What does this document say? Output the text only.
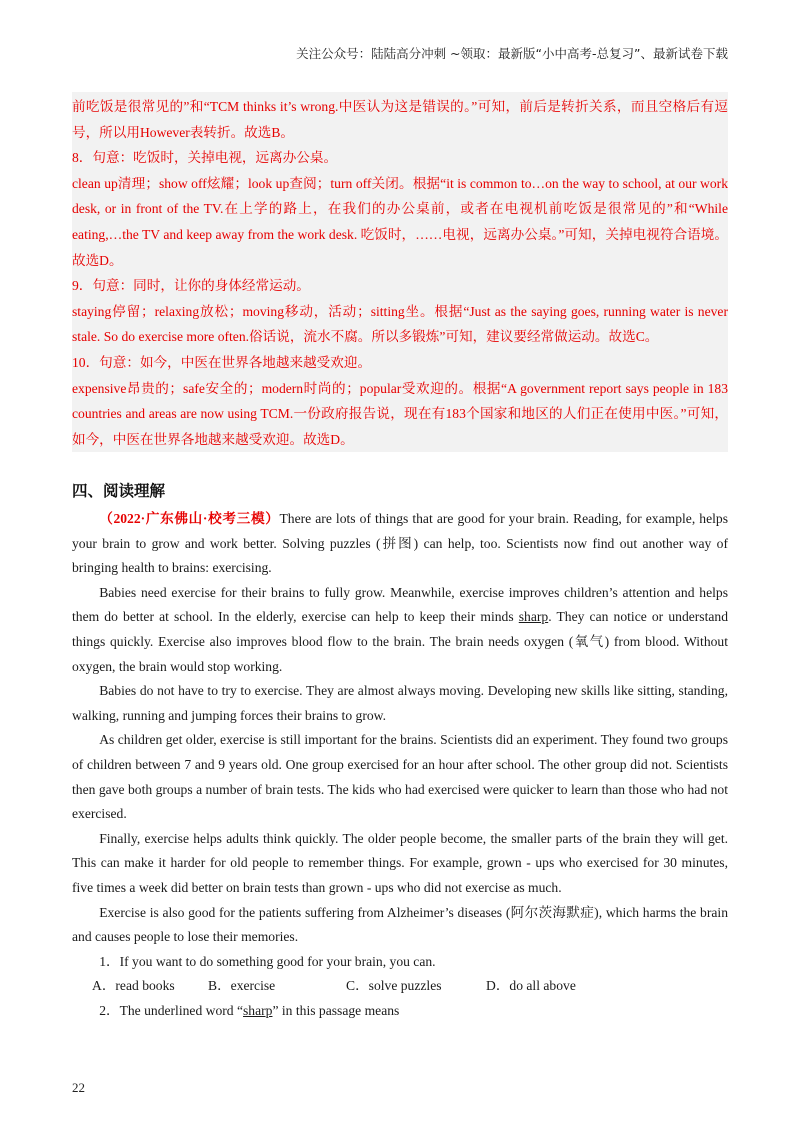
关注公众号：陆陆高分冲刺 ~领取：最新版“小中高考-总复习”、最新试卷下载

前吃饭是很常见的”和“TCM thinks it’s wrong.中医认为这是错误的。”可知，前后是转折关系，而且空格后有逗号，所以用However表转折。故选B。

8．句意：吃饭时，关掉电视，远离办公桌。

clean up清理；show off炫耀；look up查阅；turn off关闭。根据“it is common to…on the way to school, at our work desk, or in front of the TV.在上学的路上，在我们的办公桌前，或者在电视机前吃饭是很常见的”和“While eating,…the TV and keep away from the work desk. 吃饭时，……电视，远离办公桌。”可知，关掉电视符合语境。故选D。

9．句意：同时，让你的身体经常运动。

staying停留；relaxing放松；moving移动，活动；sitting坐。根据“Just as the saying goes, running water is never stale. So do exercise more often.俗话说，流水不腐。所以多锻炼”可知，建议要经常做运动。故选C。

10．句意：如今，中医在世界各地越来越受欢迎。

expensive昂贵的；safe安全的；modern时尚的；popular受欢迎的。根据“A government report says people in 183 countries and areas are now using TCM.一份政府报告说，现在有183个国家和地区的人们正在使用中医。”可知，如今，中医在世界各地越来越受欢迎。故选D。

四、阅读理解

（2022·广东佛山·校考三模）There are lots of things that are good for your brain. Reading, for example, helps your brain to grow and work better. Solving puzzles (拼图) can help, too. Scientists now find out another way of bringing health to brains: exercising.

Babies need exercise for their brains to fully grow. Meanwhile, exercise improves children’s attention and helps them do better at school. In the elderly, exercise can help to keep their minds sharp. They can notice or understand things quickly. Exercise also improves blood flow to the brain. The brain needs oxygen (氧气) from blood. Without oxygen, the brain would stop working.

Babies do not have to try to exercise. They are almost always moving. Developing new skills like sitting, standing, walking, running and jumping forces their brains to grow.

As children get older, exercise is still important for the brains. Scientists did an experiment. They found two groups of children between 7 and 9 years old. One group exercised for an hour after school. The other group did not. Scientists then gave both groups a number of brain tests. The kids who had exercised were quicker to learn than those who had not exercised.

Finally, exercise helps adults think quickly. The older people become, the smaller parts of the brain they will get. This can make it harder for old people to remember things. For example, grown - ups who exercised for 30 minutes, five times a week did better on brain tests than grown - ups who did not exercise as much.

Exercise is also good for the patients suffering from Alzheimer’s diseases (阿尔茨海默症), which harms the brain and causes people to lose their memories.

1．If you want to do something good for your brain, you can.

A．read books	B．exercise	C．solve puzzles	D．do all above

2．The underlined word “sharp” in this passage means

22
